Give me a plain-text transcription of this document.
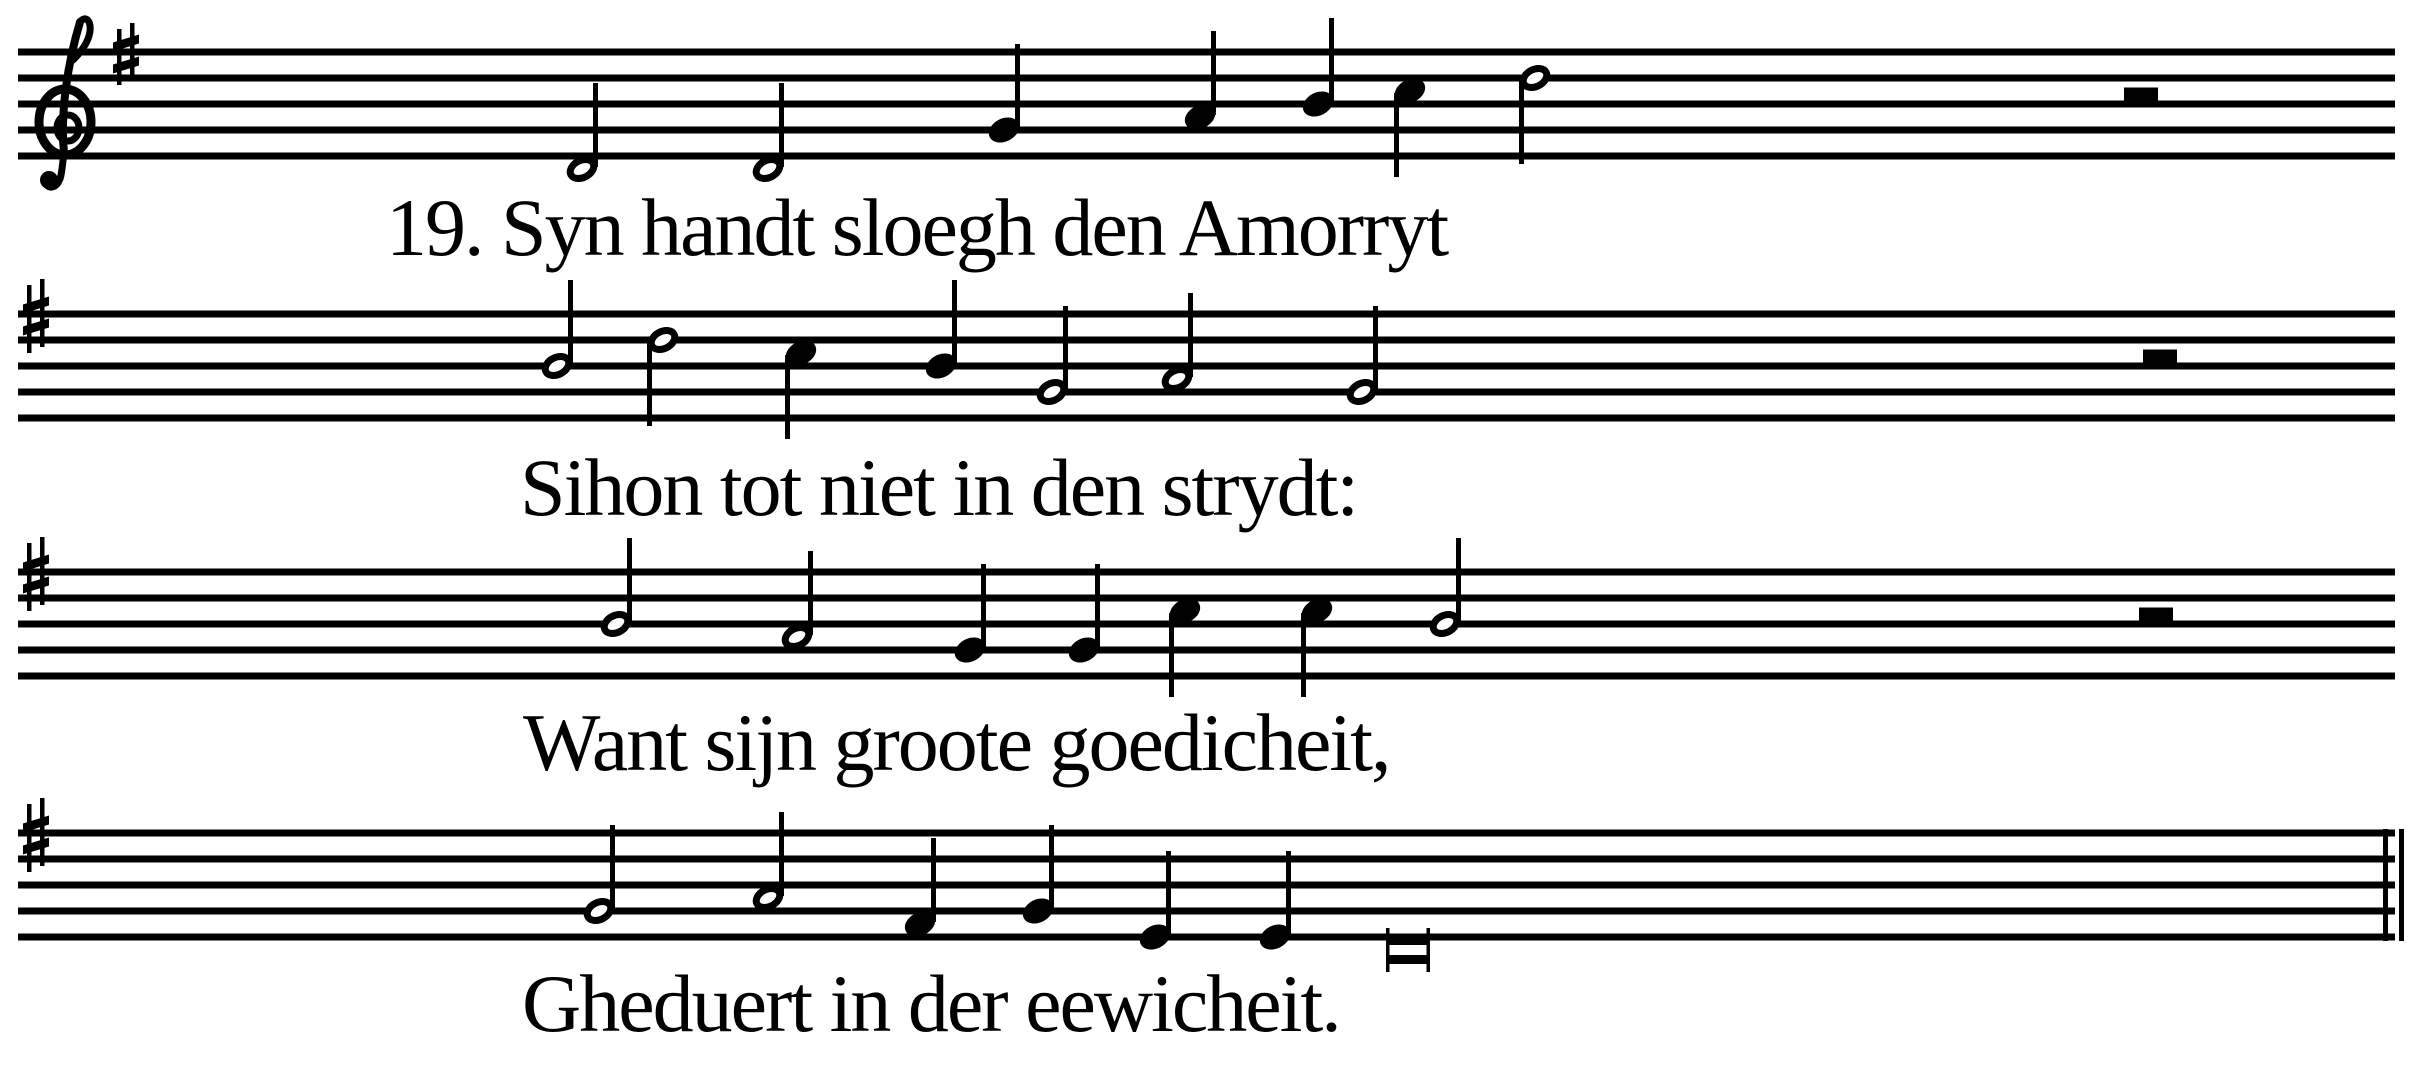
19. Syn handt sloegh den Amorryt
Sihon tot niet in den strydt:
Want sijn groote goedicheit,
Gheduert in der eewicheit.
